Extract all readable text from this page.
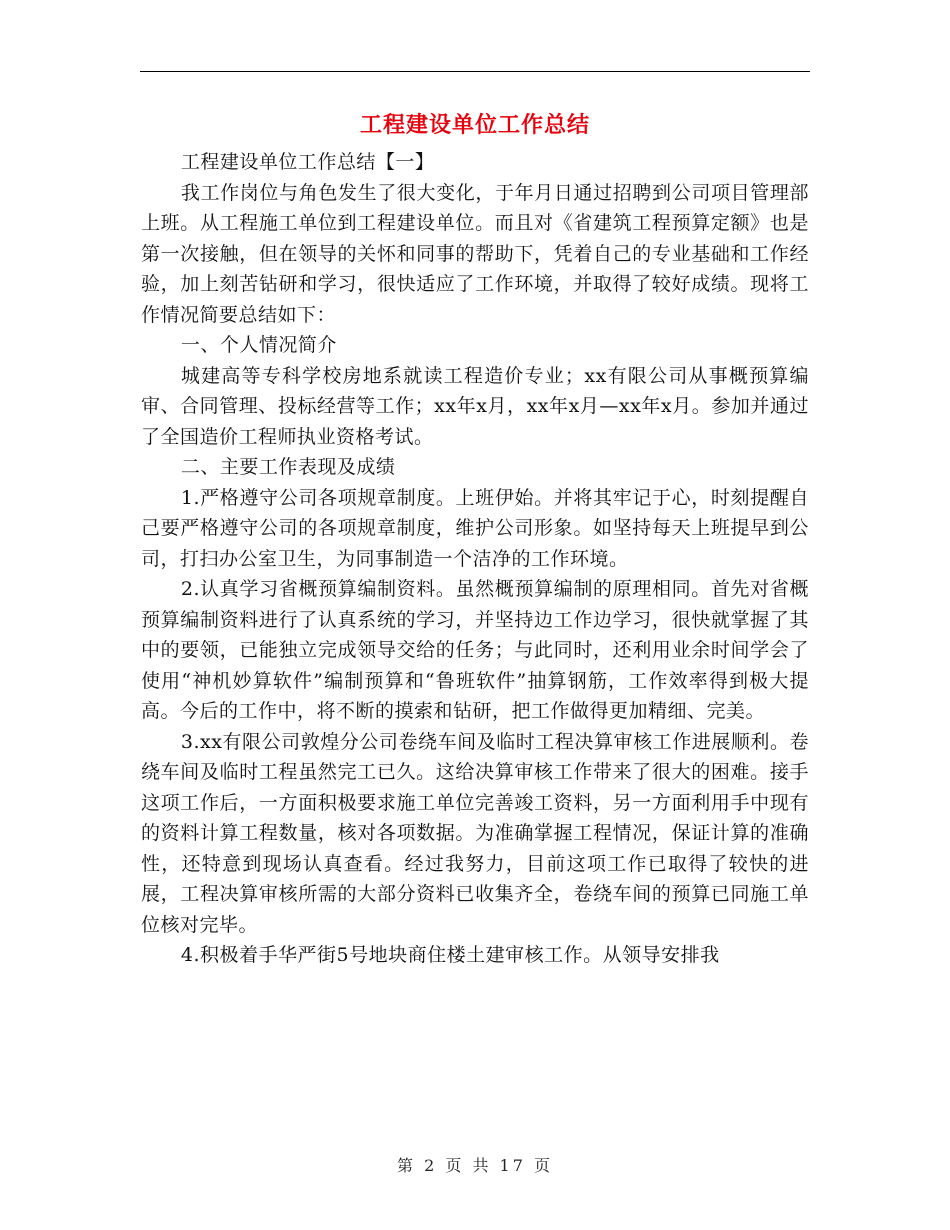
工程建设单位工作总结

工程建设单位工作总结【一】

我工作岗位与角色发生了很大变化，于年月日通过招聘到公司项目管理部上班。从工程施工单位到工程建设单位。而且对《省建筑工程预算定额》也是第一次接触，但在领导的关怀和同事的帮助下，凭着自己的专业基础和工作经验，加上刻苦钻研和学习，很快适应了工作环境，并取得了较好成绩。现将工作情况简要总结如下：

一、个人情况简介

城建高等专科学校房地系就读工程造价专业；xx有限公司从事概预算编审、合同管理、投标经营等工作；xx年x月，xx年x月—xx年x月。参加并通过了全国造价工程师执业资格考试。

二、主要工作表现及成绩

1.严格遵守公司各项规章制度。上班伊始。并将其牢记于心，时刻提醒自己要严格遵守公司的各项规章制度，维护公司形象。如坚持每天上班提早到公司，打扫办公室卫生，为同事制造一个洁净的工作环境。

2.认真学习省概预算编制资料。虽然概预算编制的原理相同。首先对省概预算编制资料进行了认真系统的学习，并坚持边工作边学习，很快就掌握了其中的要领，已能独立完成领导交给的任务；与此同时，还利用业余时间学会了使用“神机妙算软件”编制预算和“鲁班软件”抽算钢筋，工作效率得到极大提高。今后的工作中，将不断的摸索和钻研，把工作做得更加精细、完美。

3.xx有限公司敦煌分公司卷绕车间及临时工程决算审核工作进展顺利。卷绕车间及临时工程虽然完工已久。这给决算审核工作带来了很大的困难。接手这项工作后，一方面积极要求施工单位完善竣工资料，另一方面利用手中现有的资料计算工程数量，核对各项数据。为准确掌握工程情况，保证计算的准确性，还特意到现场认真查看。经过我努力，目前这项工作已取得了较快的进展，工程决算审核所需的大部分资料已收集齐全，卷绕车间的预算已同施工单位核对完毕。

4.积极着手华严街5号地块商住楼土建审核工作。从领导安排我

第 2 页 共 17 页
